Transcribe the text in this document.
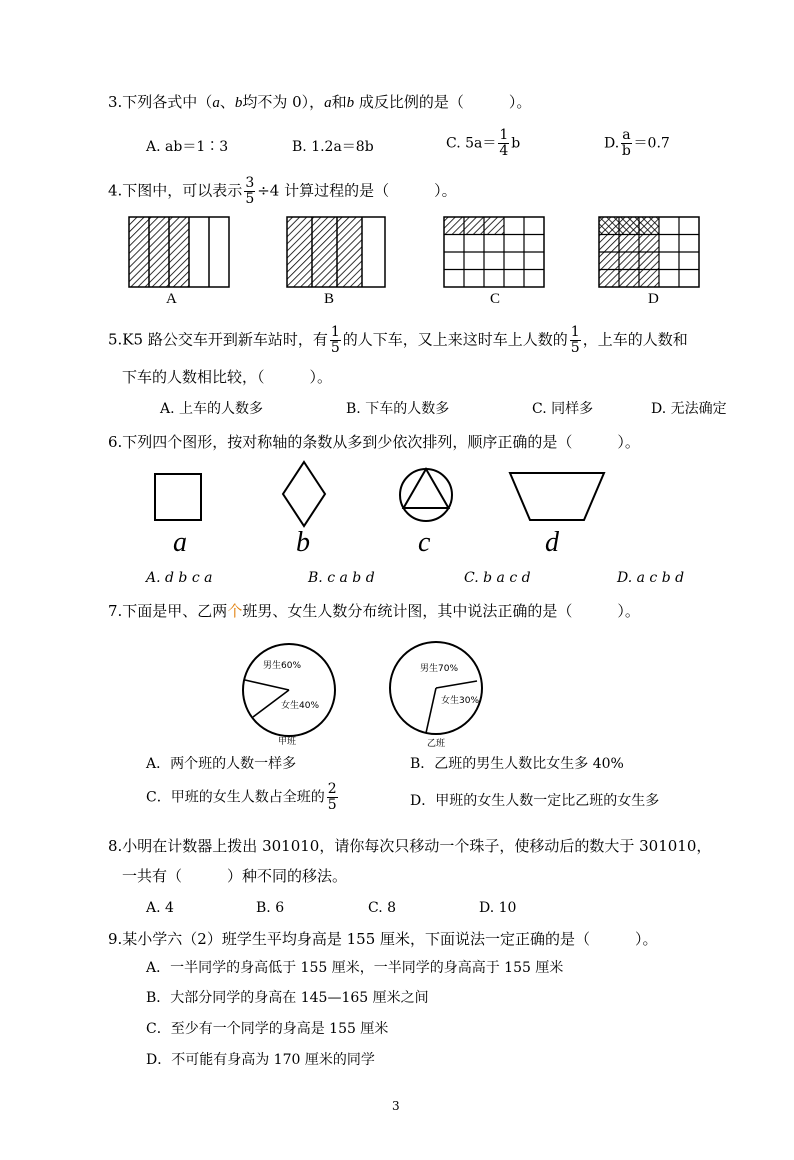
3.下列各式中（a、b均不为 0），a和b 成反比例的是（　　　）。
A. ab＝1∶3	B. 1.2a＝8b	C. $5a= \frac{1}{4}$ b	D. $\frac{a}{b} =0.7$
4.下图中，可以表示 $\frac{3}{5} \div 4$ 计算过程的是（　　　）。
A	B	C	D
5.K5 路公交车开到新车站时，有 $\frac{1}{5}$ 的人下车，又上来这时车上人数的 $\frac{1}{5}$ ，上车的人数和
下车的人数相比较，（　　　）。
A. 上车的人数多	B. 下车的人数多	C. 同样多	D. 无法确定
6.下列四个图形，按对称轴的条数从多到少依次排列，顺序正确的是（　　　）。
a	b	c	d
A. d b c a	B. c a b d	C. b a c d	D. a c b d
7.下面是甲、乙两个班男、女生人数分布统计图，其中说法正确的是（　　　）。
男生60%
女生40%
甲班
男生70%
女生30%
乙班
A．两个班的人数一样多	B．乙班的男生人数比女生多 40%
C．甲班的女生人数占全班的 $\frac{2}{5}$	D．甲班的女生人数一定比乙班的女生多
8.小明在计数器上拨出 301010，请你每次只移动一个珠子，使移动后的数大于 301010，
一共有（　　　）种不同的移法。
A. 4	B. 6	C. 8	D. 10
9.某小学六（2）班学生平均身高是 155 厘米，下面说法一定正确的是（　　　）。
A．一半同学的身高低于 155 厘米，一半同学的身高高于 155 厘米
B．大部分同学的身高在 145—165 厘米之间
C．至少有一个同学的身高是 155 厘米
D．不可能有身高为 170 厘米的同学
3
